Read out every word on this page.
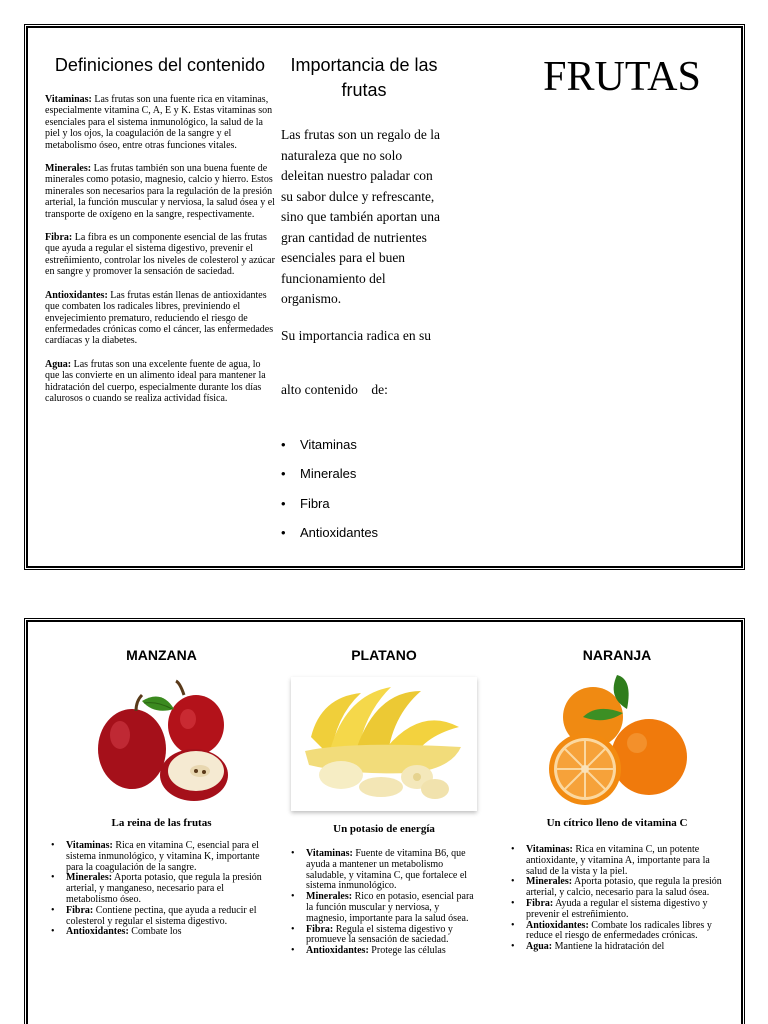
Definiciones del contenido

Vitaminas: Las frutas son una fuente rica en vitaminas, especialmente vitamina C, A, E y K. Estas vitaminas son esenciales para el sistema inmunológico, la salud de la piel y los ojos, la coagulación de la sangre y el metabolismo óseo, entre otras funciones vitales.

Minerales: Las frutas también son una buena fuente de minerales como potasio, magnesio, calcio y hierro. Estos minerales son necesarios para la regulación de la presión arterial, la función muscular y nerviosa, la salud ósea y el transporte de oxígeno en la sangre, respectivamente.

Fibra: La fibra es un componente esencial de las frutas que ayuda a regular el sistema digestivo, prevenir el estreñimiento, controlar los niveles de colesterol y azúcar en sangre y promover la sensación de saciedad.

Antioxidantes: Las frutas están llenas de antioxidantes que combaten los radicales libres, previniendo el envejecimiento prematuro, reduciendo el riesgo de enfermedades crónicas como el cáncer, las enfermedades cardíacas y la diabetes.

Agua: Las frutas son una excelente fuente de agua, lo que las convierte en un alimento ideal para mantener la hidratación del cuerpo, especialmente durante los días calurosos o cuando se realiza actividad física.

Importancia de las frutas

Las frutas son un regalo de la naturaleza que no solo deleitan nuestro paladar con su sabor dulce y refrescante, sino que también aportan una gran cantidad de nutrientes esenciales para el buen funcionamiento del organismo.

Su importancia radica en su

alto contenido    de:

• Vitaminas
• Minerales
• Fibra
• Antioxidantes
FRUTAS
MANZANA
La reina de las frutas
• Vitaminas: Rica en vitamina C, esencial para el sistema inmunológico, y vitamina K, importante para la coagulación de la sangre.
• Minerales: Aporta potasio, que regula la presión arterial, y manganeso, necesario para el metabolismo óseo.
• Fibra: Contiene pectina, que ayuda a reducir el colesterol y regular el sistema digestivo.
• Antioxidantes: Combate los
PLATANO
Un potasio de energía
• Vitaminas: Fuente de vitamina B6, que ayuda a mantener un metabolismo saludable, y vitamina C, que fortalece el sistema inmunológico.
• Minerales: Rico en potasio, esencial para la función muscular y nerviosa, y magnesio, importante para la salud ósea.
• Fibra: Regula el sistema digestivo y promueve la sensación de saciedad.
• Antioxidantes: Protege las células
NARANJA
Un cítrico lleno de vitamina C
• Vitaminas: Rica en vitamina C, un potente antioxidante, y vitamina A, importante para la salud de la vista y la piel.
• Minerales: Aporta potasio, que regula la presión arterial, y calcio, necesario para la salud ósea.
• Fibra: Ayuda a regular el sistema digestivo y prevenir el estreñimiento.
• Antioxidantes: Combate los radicales libres y reduce el riesgo de enfermedades crónicas.
• Agua: Mantiene la hidratación del
